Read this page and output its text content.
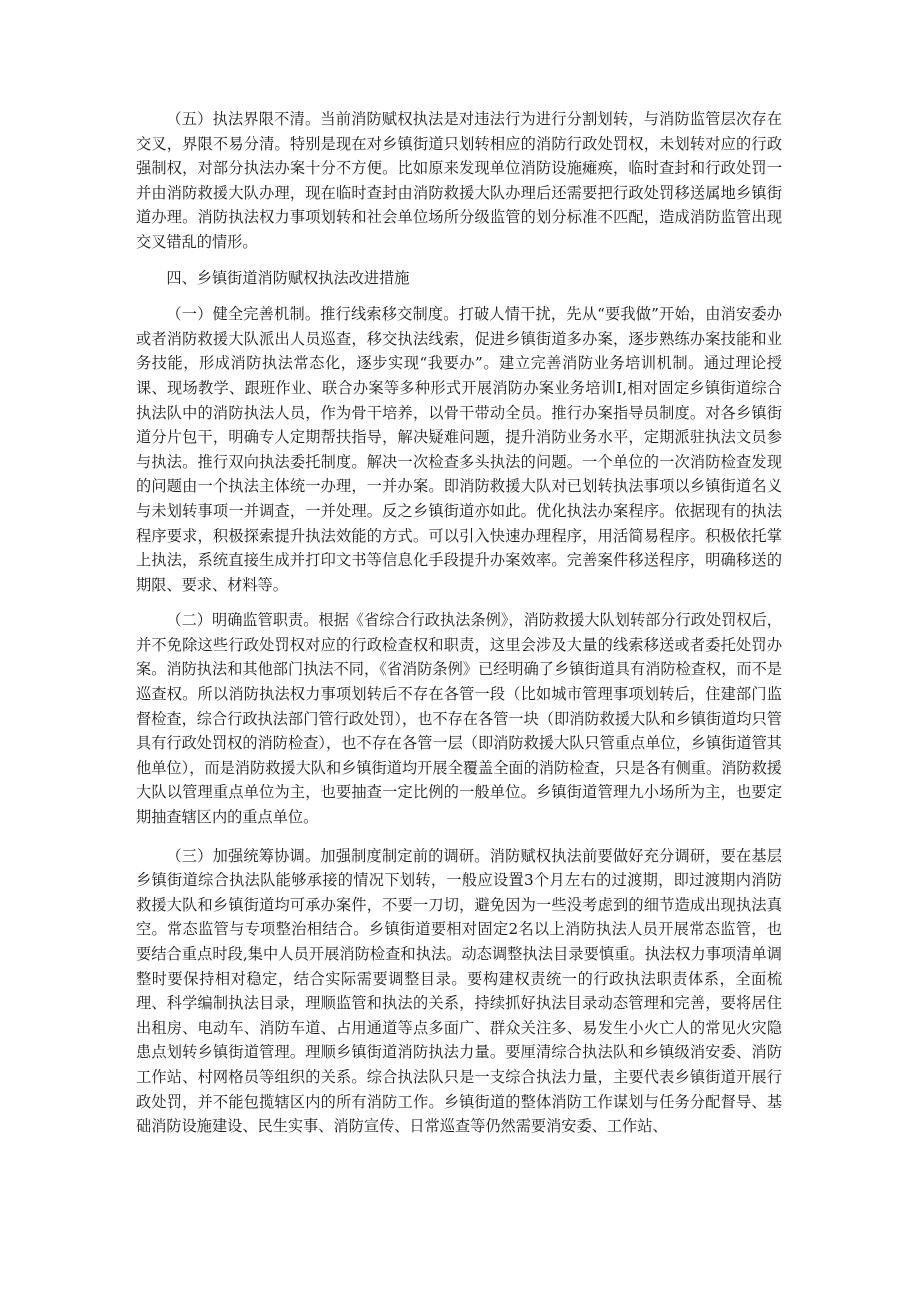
（五）执法界限不清。当前消防赋权执法是对违法行为进行分割划转，与消防监管层次存在交叉，界限不易分清。特别是现在对乡镇街道只划转相应的消防行政处罚权，未划转对应的行政强制权，对部分执法办案十分不方便。比如原来发现单位消防设施瘫痪，临时查封和行政处罚一并由消防救援大队办理，现在临时查封由消防救援大队办理后还需要把行政处罚移送属地乡镇街道办理。消防执法权力事项划转和社会单位场所分级监管的划分标准不匹配，造成消防监管出现交叉错乱的情形。

四、乡镇街道消防赋权执法改进措施

（一）健全完善机制。推行线索移交制度。打破人情干扰，先从“要我做”开始，由消安委办或者消防救援大队派出人员巡查，移交执法线索，促进乡镇街道多办案，逐步熟练办案技能和业务技能，形成消防执法常态化，逐步实现“我要办”。建立完善消防业务培训机制。通过理论授课、现场教学、跟班作业、联合办案等多种形式开展消防办案业务培训I,相对固定乡镇街道综合执法队中的消防执法人员，作为骨干培养，以骨干带动全员。推行办案指导员制度。对各乡镇街道分片包干，明确专人定期帮扶指导，解决疑难问题，提升消防业务水平，定期派驻执法文员参与执法。推行双向执法委托制度。解决一次检查多头执法的问题。一个单位的一次消防检查发现的问题由一个执法主体统一办理，一并办案。即消防救援大队对已划转执法事项以乡镇街道名义与未划转事项一并调查，一并处理。反之乡镇街道亦如此。优化执法办案程序。依据现有的执法程序要求，积极探索提升执法效能的方式。可以引入快速办理程序，用活简易程序。积极依托掌上执法，系统直接生成并打印文书等信息化手段提升办案效率。完善案件移送程序，明确移送的期限、要求、材料等。

（二）明确监管职责。根据《省综合行政执法条例》，消防救援大队划转部分行政处罚权后，并不免除这些行政处罚权对应的行政检查权和职责，这里会涉及大量的线索移送或者委托处罚办案。消防执法和其他部门执法不同，《省消防条例》已经明确了乡镇街道具有消防检查权，而不是巡查权。所以消防执法权力事项划转后不存在各管一段（比如城市管理事项划转后，住建部门监督检查，综合行政执法部门管行政处罚），也不存在各管一块（即消防救援大队和乡镇街道均只管具有行政处罚权的消防检查），也不存在各管一层（即消防救援大队只管重点单位，乡镇街道管其他单位），而是消防救援大队和乡镇街道均开展全覆盖全面的消防检查，只是各有侧重。消防救援大队以管理重点单位为主，也要抽查一定比例的一般单位。乡镇街道管理九小场所为主，也要定期抽查辖区内的重点单位。

（三）加强统筹协调。加强制度制定前的调研。消防赋权执法前要做好充分调研，要在基层乡镇街道综合执法队能够承接的情况下划转，一般应设置3个月左右的过渡期，即过渡期内消防救援大队和乡镇街道均可承办案件，不要一刀切，避免因为一些没考虑到的细节造成出现执法真空。常态监管与专项整治相结合。乡镇街道要相对固定2名以上消防执法人员开展常态监管，也要结合重点时段,集中人员开展消防检查和执法。动态调整执法目录要慎重。执法权力事项清单调整时要保持相对稳定，结合实际需要调整目录。要构建权责统一的行政执法职责体系，全面梳理、科学编制执法目录，理顺监管和执法的关系，持续抓好执法目录动态管理和完善，要将居住出租房、电动车、消防车道、占用通道等点多面广、群众关注多、易发生小火亡人的常见火灾隐患点划转乡镇街道管理。理顺乡镇街道消防执法力量。要厘清综合执法队和乡镇级消安委、消防工作站、村网格员等组织的关系。综合执法队只是一支综合执法力量，主要代表乡镇街道开展行政处罚，并不能包揽辖区内的所有消防工作。乡镇街道的整体消防工作谋划与任务分配督导、基础消防设施建设、民生实事、消防宣传、日常巡查等仍然需要消安委、工作站、
